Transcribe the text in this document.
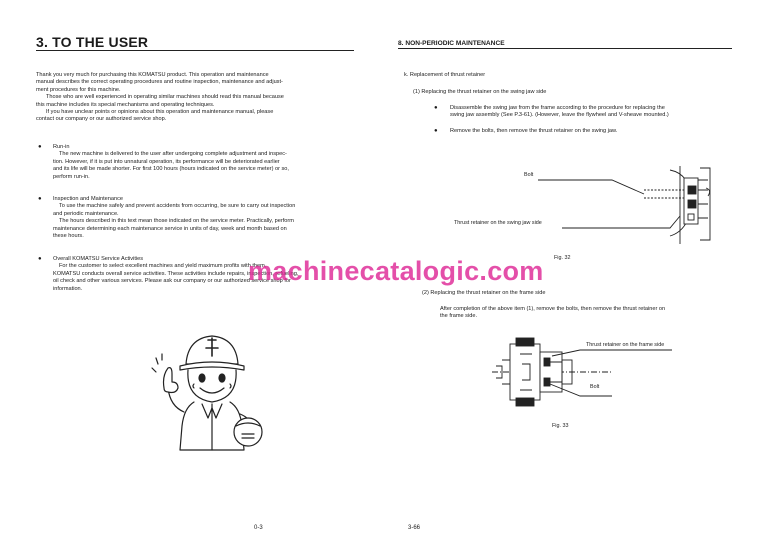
3. TO THE USER
Thank you very much for purchasing this KOMATSU product. This operation and maintenance
manual describes the correct operating procedures and routine inspection, maintenance and adjust-
ment procedures for this machine.
Those who are well experienced in operating similar machines should read this manual because
this machine includes its special mechanisms and operating techniques.
If you have unclear points or opinions about this operation and maintenance manual, please
contact our company or our authorized service shop.
● Run-in
The new machine is delivered to the user after undergoing complete adjustment and inspec-
tion. However, if it is put into unnatural operation, its performance will be deteriorated earlier
and its life will be made shorter. For first 100 hours (hours indicated on the service meter) or so,
perform run-in.
● Inspection and Maintenance
To use the machine safely and prevent accidents from occurring, be sure to carry out inspection
and periodic maintenance.
The hours described in this text mean those indicated on the service meter. Practically, perform
maintenance determining each maintenance service in units of day, week and month based on
these hours.
● Overall KOMATSU Service Activities
For the customer to select excellent machines and yield maximum profits with them,
KOMATSU conducts overall service activities. These activities include repairs, inspection, refueling,
oil check and other various services. Please ask our company or our authorized service shop for
information.
0-3
8. NON-PERIODIC MAINTENANCE
k. Replacement of thrust retainer
(1) Replacing the thrust retainer on the swing jaw side
● Disassemble the swing jaw from the frame according to the procedure for replacing the
swing jaw assembly (See P.3-61). (However, leave the flywheel and V-sheave mounted.)
● Remove the bolts, then remove the thrust retainer on the swing jaw.
Bolt
Thrust retainer on the swing jaw side
Fig. 32
(2) Replacing the thrust retainer on the frame side
After completion of the above item (1), remove the bolts, then remove the thrust retainer on
the frame side.
Thrust retainer on the frame side
Bolt
Fig. 33
3-66
machinecatalogic.com
